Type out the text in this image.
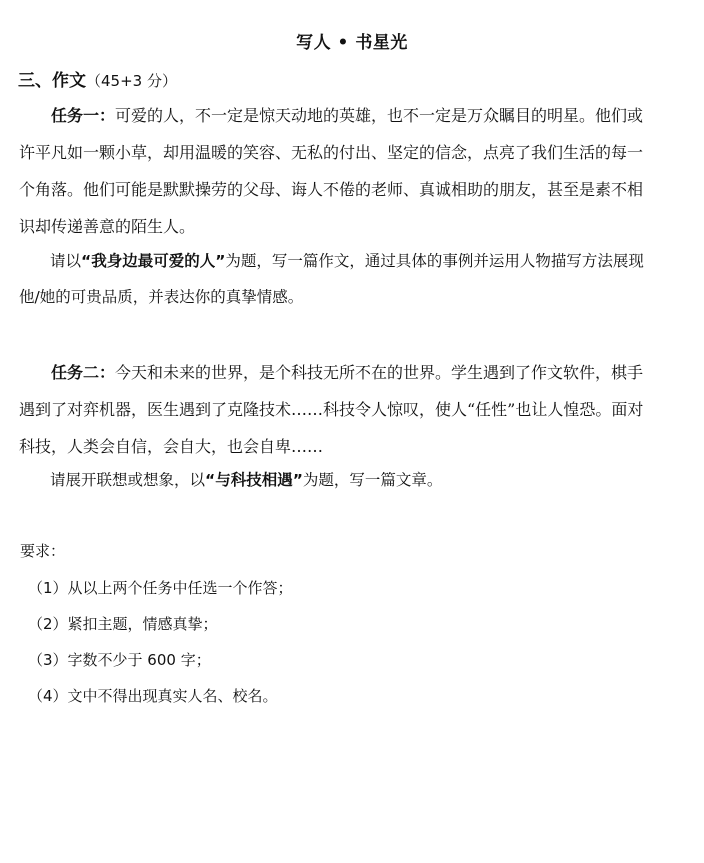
写人 • 书星光
三、作文（45+3 分）
任务一：可爱的人，不一定是惊天动地的英雄，也不一定是万众瞩目的明星。他们或许平凡如一颗小草，却用温暖的笑容、无私的付出、坚定的信念，点亮了我们生活的每一个角落。他们可能是默默操劳的父母、诲人不倦的老师、真诚相助的朋友，甚至是素不相识却传递善意的陌生人。
请以“我身边最可爱的人”为题，写一篇作文，通过具体的事例并运用人物描写方法展现他/她的可贵品质，并表达你的真挚情感。
任务二：今天和未来的世界，是个科技无所不在的世界。学生遇到了作文软件，棋手遇到了对弈机器，医生遇到了克隆技术……科技令人惊叹，使人“任性”也让人惶恐。面对科技，人类会自信，会自大，也会自卑……
请展开联想或想象，以“与科技相遇”为题，写一篇文章。
要求：
（1）从以上两个任务中任选一个作答；
（2）紧扣主题，情感真挚；
（3）字数不少于 600 字；
（4）文中不得出现真实人名、校名。
